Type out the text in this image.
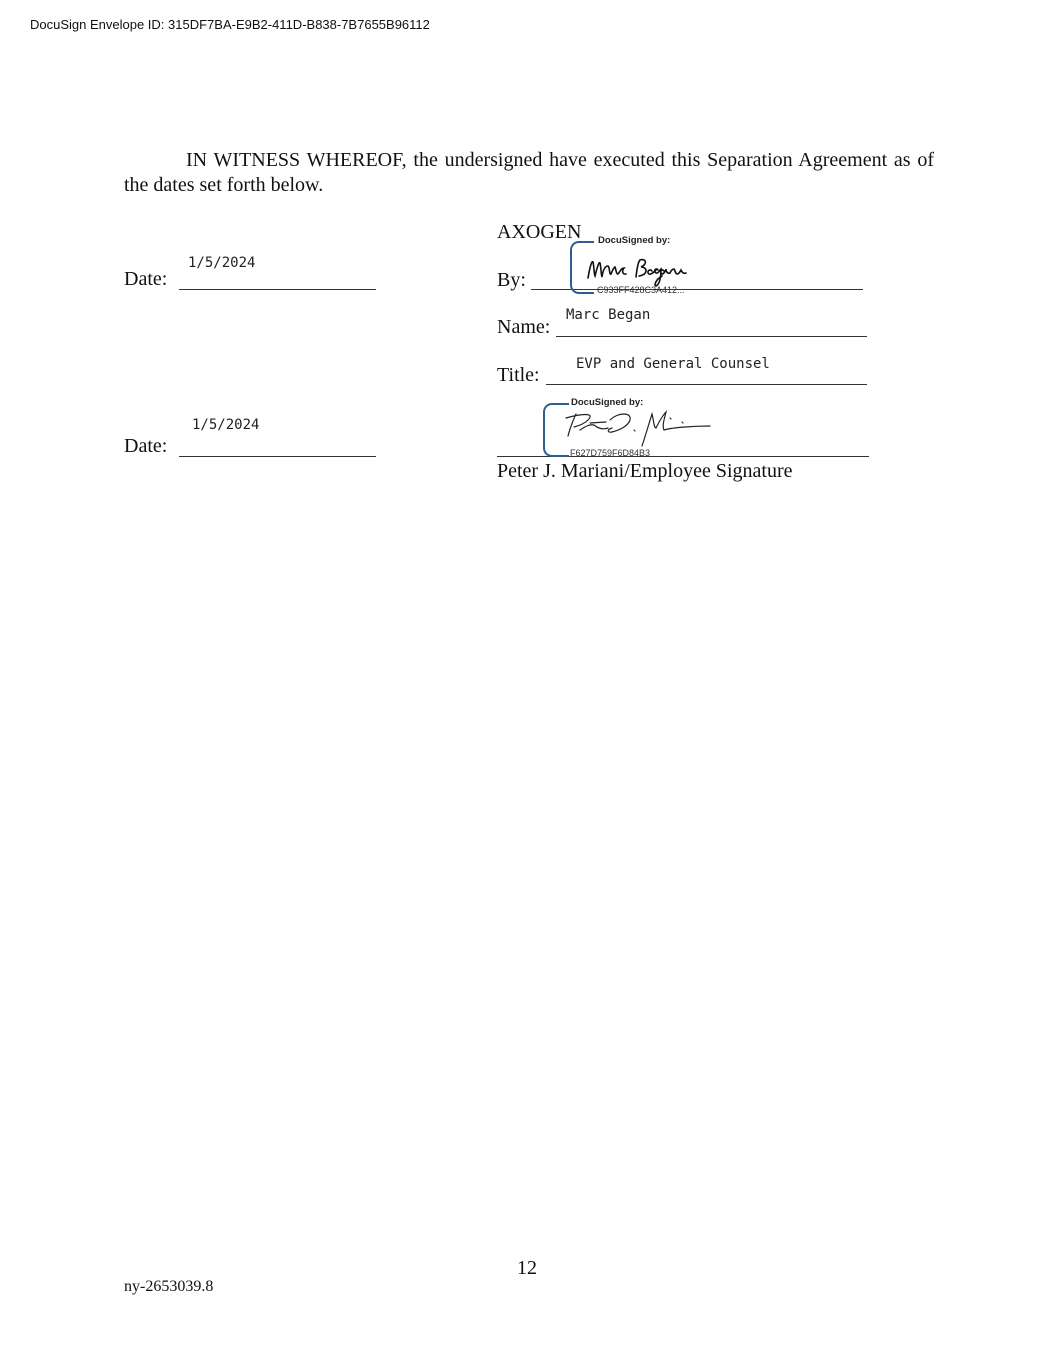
DocuSign Envelope ID: 315DF7BA-E9B2-411D-B838-7B7655B96112
IN WITNESS WHEREOF, the undersigned have executed this Separation Agreement as of the dates set forth below.
Date:
1/5/2024
Date:
1/5/2024
AXOGEN
By:
DocuSigned by:
C933FF428C3A412...
Name:
Marc Began
Title:	EVP and General Counsel
DocuSigned by:
F627D759F6D84B3
Peter J. Mariani/Employee Signature
12
ny-2653039.8
